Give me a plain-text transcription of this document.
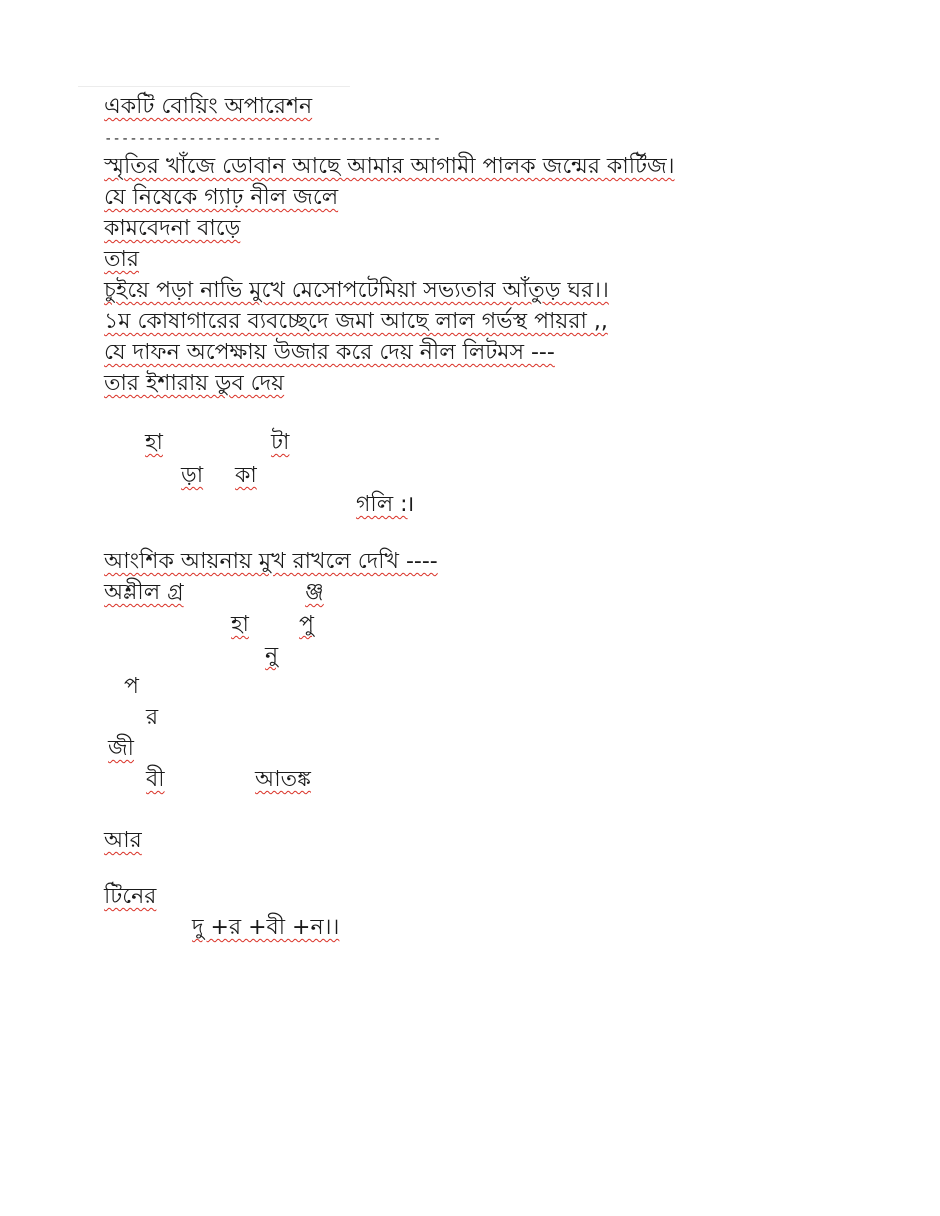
একটি বোয়িং অপারেশন
----------------------------------------
স্মৃতির খাঁজে ডোবান আছে আমার আগামী পালক জন্মের কার্টিজ।
যে নিষেকে গ্যাঢ় নীল জলে
কামবেদনা বাড়ে
তার
চুইয়ে পড়া নাভি মুখে মেসোপটেমিয়া সভ্যতার আঁতুড় ঘর।।
১ম কোষাগারের ব্যবচ্ছেদে জমা আছে লাল গর্ভস্থ পায়রা ,,
যে দাফন অপেক্ষায় উজার করে দেয় নীল লিটমস ---
তার ইশারায় ডুব দেয়
হা	টা
ড়া কা
গলি :
।
আংশিক আয়নায় মুখ রাখলে দেখি ----
অশ্লীল গ্র	ঞ্জ
হা পু
নু
প
র
জী
বী	আতঙ্ক
আর
টিনের
দু +র +বী +ন।।
